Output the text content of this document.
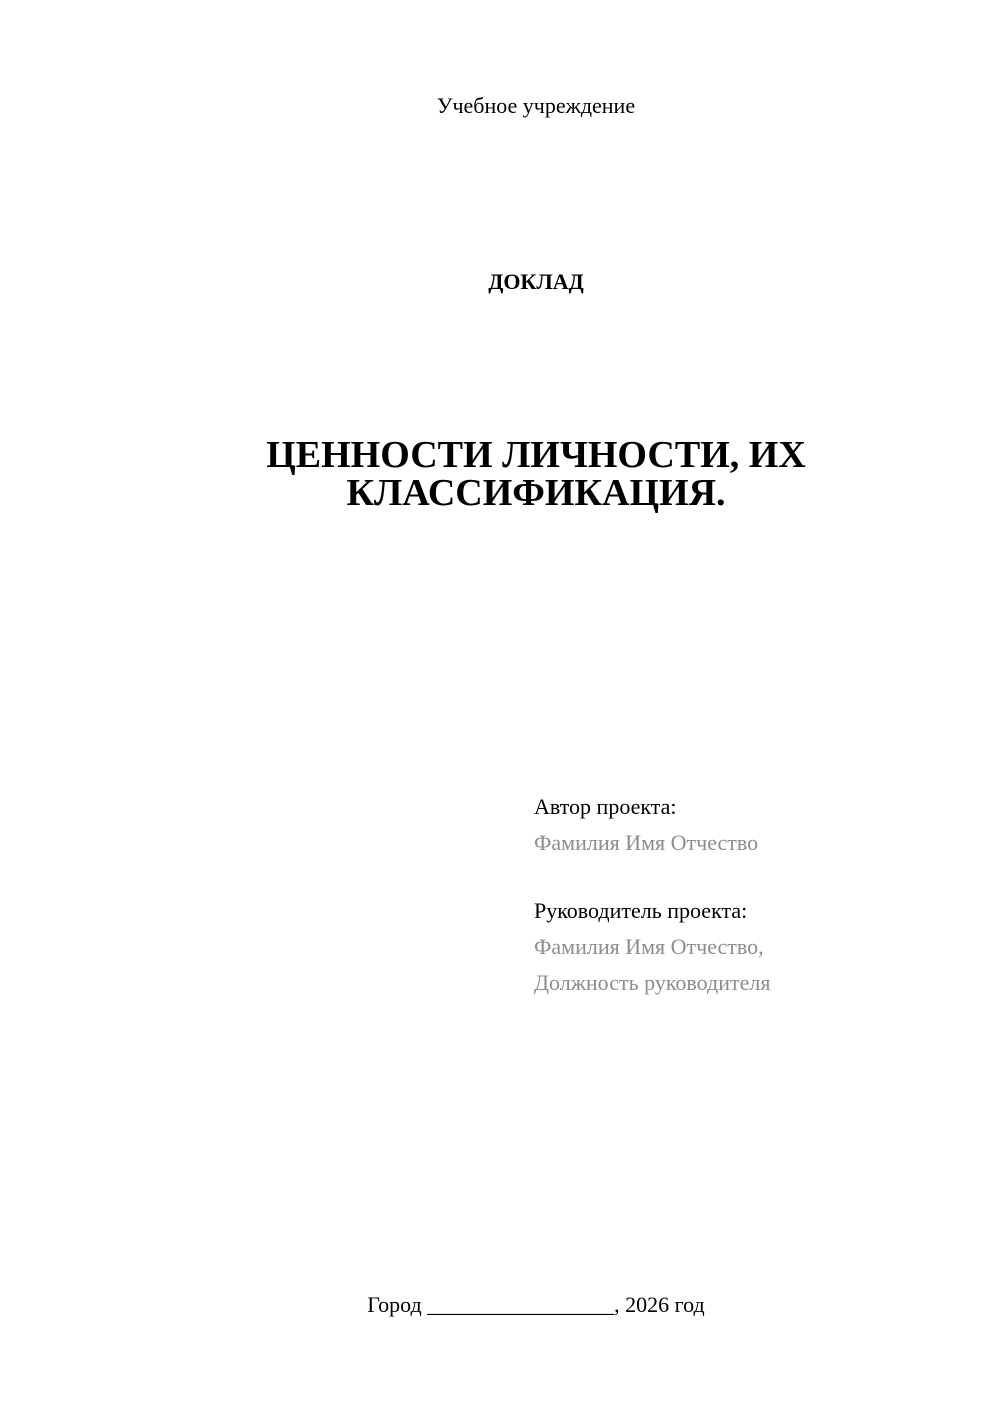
Учебное учреждение
ДОКЛАД
ЦЕННОСТИ ЛИЧНОСТИ, ИХ
КЛАССИФИКАЦИЯ.
Автор проекта:
Фамилия Имя Отчество
Руководитель проекта:
Фамилия Имя Отчество,
Должность руководителя
Город _________________, 2026 год
